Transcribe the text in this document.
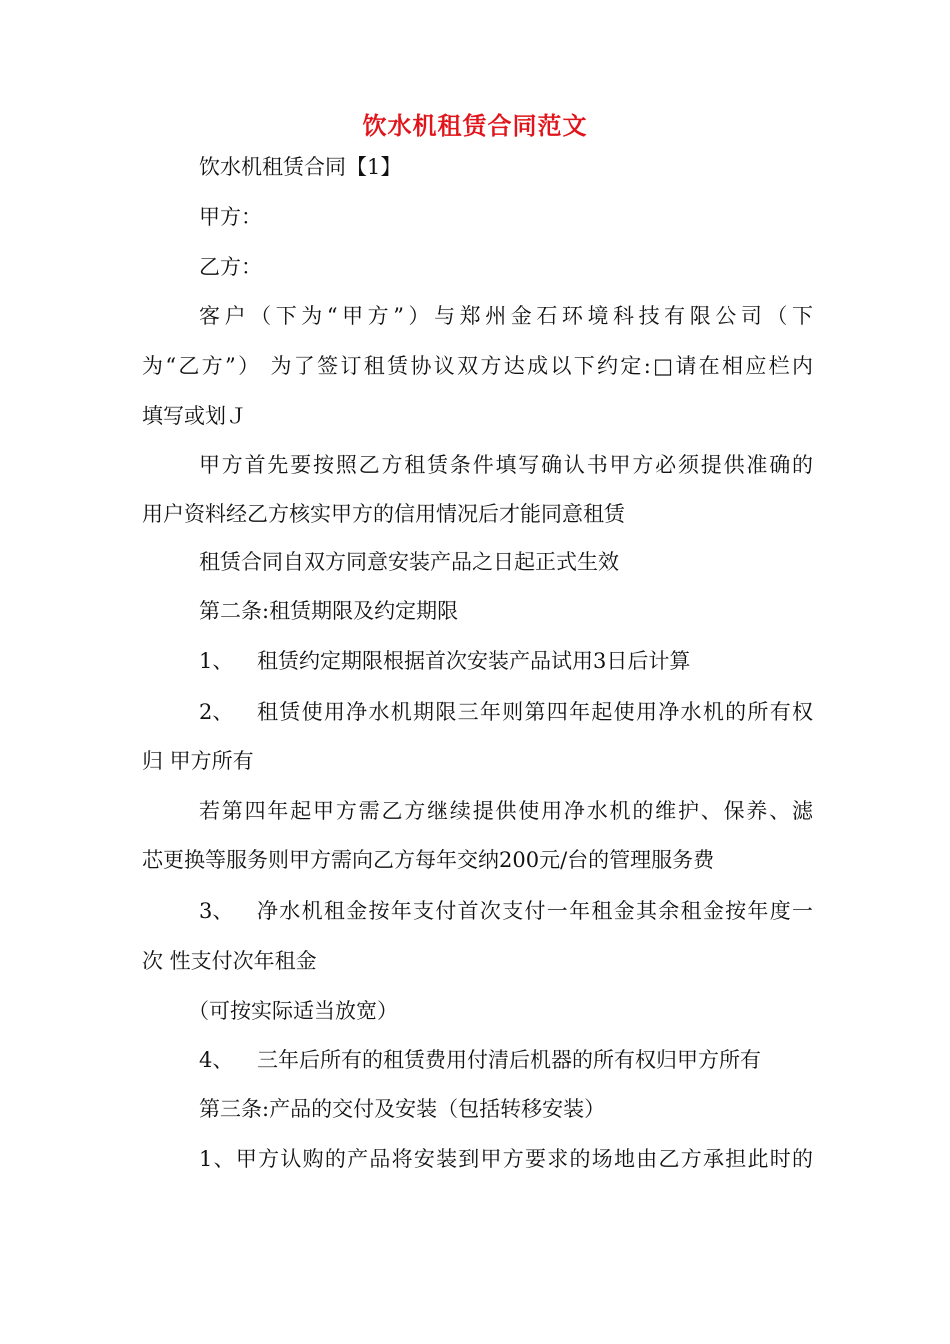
饮水机租赁合同范文
饮水机租赁合同【1】
甲方：
乙方：
客户（下为“甲方”）与郑州金石环境科技有限公司（下
为“乙方”） 为了签订租赁协议双方达成以下约定:□请在相应栏内
填写或划Ｊ
甲方首先要按照乙方租赁条件填写确认书甲方必须提供准确的
用户资料经乙方核实甲方的信用情况后才能同意租赁
租赁合同自双方同意安装产品之日起正式生效
第二条:租赁期限及约定期限
1、 租赁约定期限根据首次安装产品试用3日后计算
2、 租赁使用净水机期限三年则第四年起使用净水机的所有权
归 甲方所有
若第四年起甲方需乙方继续提供使用净水机的维护、保养、滤
芯更换等服务则甲方需向乙方每年交纳200元/台的管理服务费
3、 净水机租金按年支付首次支付一年租金其余租金按年度一
次 性支付次年租金
（可按实际适当放宽）
4、 三年后所有的租赁费用付清后机器的所有权归甲方所有
第三条:产品的交付及安装（包括转移安装）
1、甲方认购的产品将安装到甲方要求的场地由乙方承担此时的
